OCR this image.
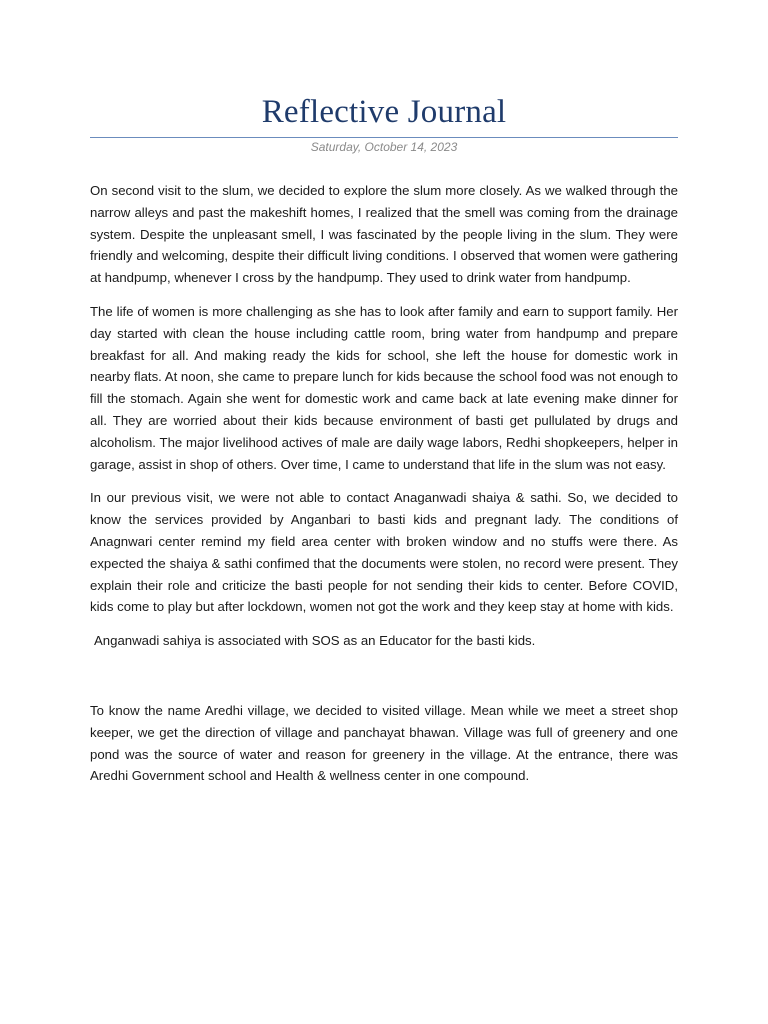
Reflective Journal
Saturday, October 14, 2023

On second visit to the slum, we decided to explore the slum more closely. As we walked through the narrow alleys and past the makeshift homes, I realized that the smell was coming from the drainage system. Despite the unpleasant smell, I was fascinated by the people living in the slum. They were friendly and welcoming, despite their difficult living conditions. I observed that women were gathering at handpump, whenever I cross by the handpump. They used to drink water from handpump.

The life of women is more challenging as she has to look after family and earn to support family. Her day started with clean the house including cattle room, bring water from handpump and prepare breakfast for all. And making ready the kids for school, she left the house for domestic work in nearby flats. At noon, she came to prepare lunch for kids because the school food was not enough to fill the stomach. Again she went for domestic work and came back at late evening make dinner for all. They are worried about their kids because environment of basti get pullulated by drugs and alcoholism. The major livelihood actives of male are daily wage labors, Redhi shopkeepers, helper in garage, assist in shop of others. Over time, I came to understand that life in the slum was not easy.

In our previous visit, we were not able to contact Anaganwadi shaiya & sathi. So, we decided to know the services provided by Anganbari to basti kids and pregnant lady. The conditions of Anagnwari center remind my field area center with broken window and no stuffs were there. As expected the shaiya & sathi confimed that the documents were stolen, no record were present. They explain their role and criticize the basti people for not sending their kids to center. Before COVID, kids come to play but after lockdown, women not got the work and they keep stay at home with kids.

Anganwadi sahiya is associated with SOS as an Educator for the basti kids.

To know the name Aredhi village, we decided to visited village. Mean while we meet a street shop keeper, we get the direction of village and panchayat bhawan. Village was full of greenery and one pond was the source of water and reason for greenery in the village. At the entrance, there was Aredhi Government school and Health & wellness center in one compound.
